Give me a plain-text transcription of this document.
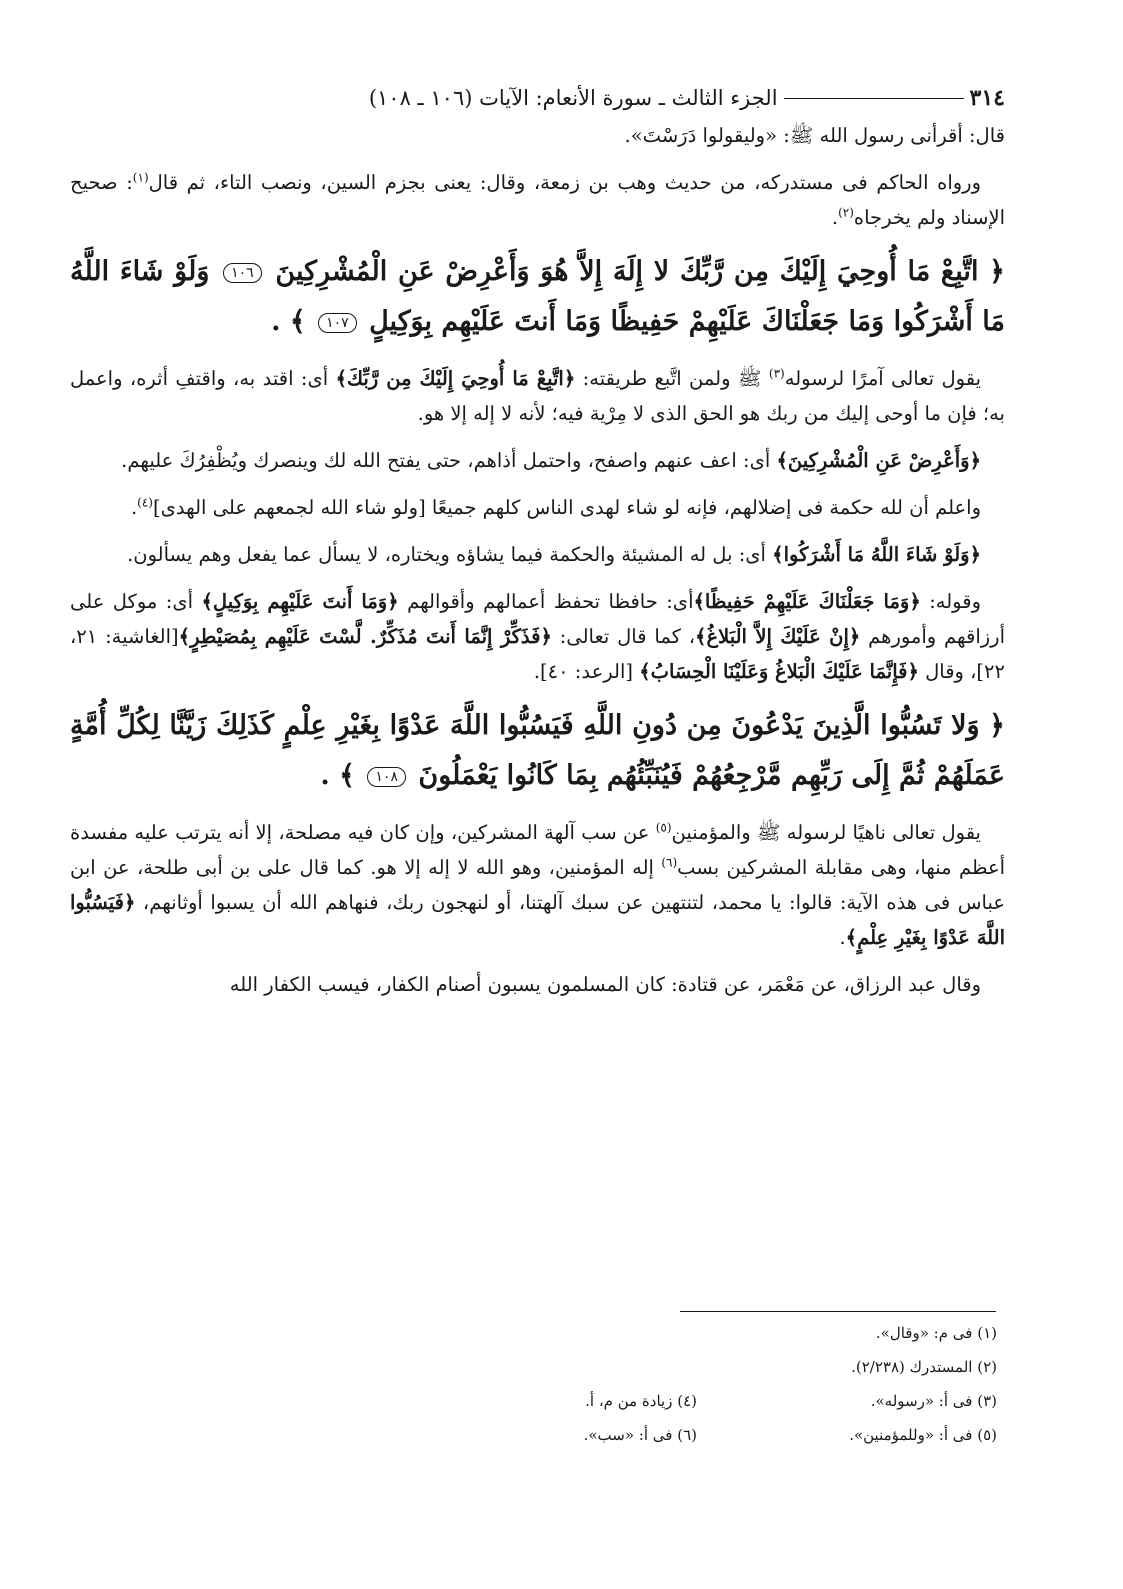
٣١٤
الجزء الثالث ـ سورة الأنعام: الآيات (١٠٦ ـ ١٠٨)

قال: أقرأنى رسول الله ﷺ: «وليقولوا دَرَسْتَ».

ورواه الحاكم فى مستدركه، من حديث وهب بن زمعة، وقال: يعنى بجزم السين، ونصب التاء، ثم قال$^{(١)}$: صحيح الإسناد ولم يخرجاه$^{(٢)}$.

﴿ اتَّبِعْ مَا أُوحِيَ إِلَيْكَ مِن رَّبِّكَ لا إِلَهَ إِلاَّ هُوَ وَأَعْرِضْ عَنِ الْمُشْرِكِينَ ١٠٦ وَلَوْ شَاءَ اللَّهُ مَا أَشْرَكُوا وَمَا جَعَلْنَاكَ عَلَيْهِمْ حَفِيظًا وَمَا أَنتَ عَلَيْهِم بِوَكِيلٍ ١٠٧ ﴾ .

يقول تعالى آمرًا لرسوله$^{(٣)}$ ﷺ ولمن اتَّبع طريقته: ﴿اتَّبِعْ مَا أُوحِيَ إِلَيْكَ مِن رَّبِّكَ﴾ أى: اقتد به، واقتفِ أثره، واعمل به؛ فإن ما أوحى إليك من ربك هو الحق الذى لا مِرْية فيه؛ لأنه لا إله إلا هو.

﴿وَأَعْرِضْ عَنِ الْمُشْرِكِينَ﴾ أى: اعف عنهم واصفح، واحتمل أذاهم، حتى يفتح الله لك وينصرك ويُظْفِرُكَ عليهم.

واعلم أن لله حكمة فى إضلالهم، فإنه لو شاء لهدى الناس كلهم جميعًا [ولو شاء الله لجمعهم على الهدى]$^{(٤)}$.

﴿وَلَوْ شَاءَ اللَّهُ مَا أَشْرَكُوا﴾ أى: بل له المشيئة والحكمة فيما يشاؤه ويختاره، لا يسأل عما يفعل وهم يسألون.

وقوله: ﴿وَمَا جَعَلْنَاكَ عَلَيْهِمْ حَفِيظًا﴾أى: حافظا تحفظ أعمالهم وأقوالهم ﴿وَمَا أَنتَ عَلَيْهِم بِوَكِيلٍ﴾ أى: موكل على أرزاقهم وأمورهم ﴿إِنْ عَلَيْكَ إِلاَّ الْبَلاغُ﴾، كما قال تعالى: ﴿فَذَكِّرْ إِنَّمَا أَنتَ مُذَكِّرٌ. لَّسْتَ عَلَيْهِم بِمُصَيْطِرٍ﴾[الغاشية: ٢١، ٢٢]، وقال ﴿فَإِنَّمَا عَلَيْكَ الْبَلاغُ وَعَلَيْنَا الْحِسَابُ﴾ [الرعد: ٤٠].

﴿ وَلا تَسُبُّوا الَّذِينَ يَدْعُونَ مِن دُونِ اللَّهِ فَيَسُبُّوا اللَّهَ عَدْوًا بِغَيْرِ عِلْمٍ كَذَلِكَ زَيَّنَّا لِكُلِّ أُمَّةٍ عَمَلَهُمْ ثُمَّ إِلَى رَبِّهِم مَّرْجِعُهُمْ فَيُنَبِّئُهُم بِمَا كَانُوا يَعْمَلُونَ ١٠٨ ﴾ .

يقول تعالى ناهيًا لرسوله ﷺ والمؤمنين$^{(٥)}$ عن سب آلهة المشركين، وإن كان فيه مصلحة، إلا أنه يترتب عليه مفسدة أعظم منها، وهى مقابلة المشركين بسب$^{(٦)}$ إله المؤمنين، وهو الله لا إله إلا هو. كما قال على بن أبى طلحة، عن ابن عباس فى هذه الآية: قالوا: يا محمد، لتنتهين عن سبك آلهتنا، أو لنهجون ربك، فنهاهم الله أن يسبوا أوثانهم، ﴿فَيَسُبُّوا اللَّهَ عَدْوًا بِغَيْرِ عِلْمٍ﴾.

وقال عبد الرزاق، عن مَعْمَر، عن قتادة: كان المسلمون يسبون أصنام الكفار، فيسب الكفار الله

(١) فى م: «وقال».
(٢) المستدرك (٢/٢٣٨).
(٣) فى أ: «رسوله».
(٤) زيادة من م، أ.
(٥) فى أ: «وللمؤمنين».
(٦) فى أ: «سب».
